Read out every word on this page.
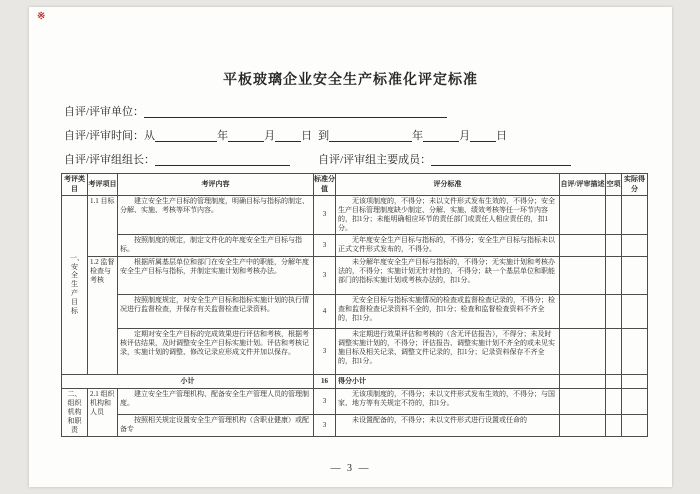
※
平板玻璃企业安全生产标准化评定标准
自评/评审单位：
自评/评审时间：从	年	月 日 到	年	月 日
自评/评审组组长：	自评/评审组主要成员：
考评类目	考评项目	考评内容	标准分值	评分标准	自评/评审描述	空项	实际得分

一、安全生产目标	1.1 目标	建立安全生产目标的管理制度，明确目标与指标的制定、分解、实施、考核等环节内容。	3	无该项制度的，不得分；未以文件形式发布生效的，不得分；安全生产目标管理制度缺少制定、分解、实施、绩效考核等任一环节内容的，扣1分；未能明确相应环节的责任部门或责任人相应责任的，扣1分。			
		按照制度的规定，制定文件化的年度安全生产目标与指标。	3	无年度安全生产目标与指标的，不得分；安全生产目标与指标未以正式文件形式发布的，不得分。			
	1.2 监督检查与考核	根据所属基层单位和部门在安全生产中的职能，分解年度安全生产目标与指标，并制定实施计划和考核办法。	3	未分解年度安全生产目标与指标的，不得分；无实施计划和考核办法的，不得分；实施计划无针对性的，不得分；缺一个基层单位和职能部门的指标实施计划或考核办法的，扣1分。			
		按照制度规定，对安全生产目标和指标实施计划的执行情况进行监督检查，并保存有关监督检查记录资料。	4	无安全目标与指标实施情况的检查或监督检查记录的，不得分；检查和监督检查记录资料不全的，扣1分；检查和监督检查资料不齐全的，扣1分。			
		定期对安全生产目标的完成效果进行评估和考核，根据考核评估结果，及时调整安全生产目标实施计划。评估和考核记录，实施计划的调整、修改记录应形成文件并加以保存。	3	未定期进行效果评估和考核的（含无评估报告），不得分；未及时调整实施计划的，不得分；评估报告、调整实施计划不齐全的或未见实施目标及相关记录、调整文件记录的，扣1分；记录资料保存不齐全的，扣1分。			
小计			16	得分小计			

二、组织机构和职责	2.1 组织机构和人员	建立安全生产管理机构、配备安全生产管理人员的管理制度。	3	无该项制度的，不得分；未以文件形式发布生效的，不得分；与国家、地方等有关规定不符的，扣1分。			
		按照相关规定设置安全生产管理机构（含职业健康）或配备专	3	未设置配备的，不得分；未以文件形式进行设置或任命的			
— 3 —
